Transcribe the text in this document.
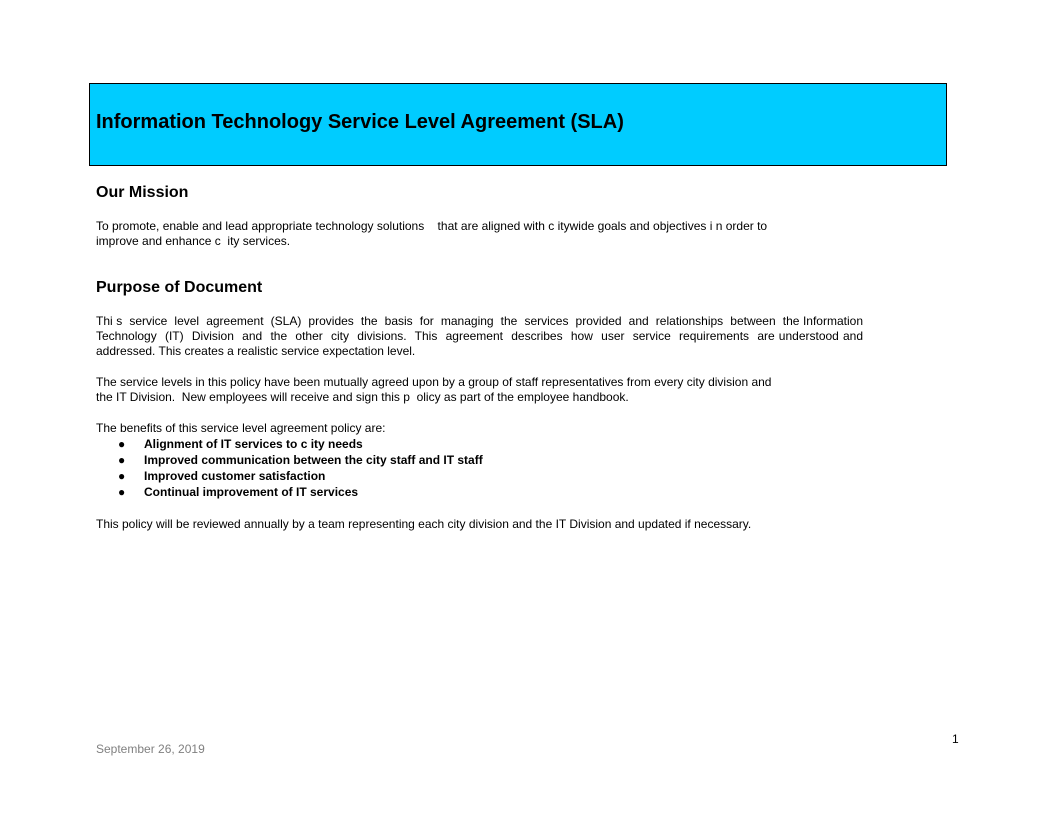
Information Technology Service Level Agreement (SLA)
Our Mission
To promote, enable and lead appropriate technology solutions    that are aligned with c itywide goals and objectives i n order to
improve and enhance c  ity services.
Purpose of Document
Thi s  service  level  agreement  (SLA)  provides  the  basis  for  managing  the  services  provided  and  relationships  between  the Information  Technology  (IT)  Division  and  the  other  city  divisions.  This  agreement  describes  how  user  service  requirements  are understood and  addressed. This creates a realistic service expectation level.
The service levels in this policy have been mutually agreed upon by a group of staff representatives from every city division and
the IT Division.  New employees will receive and sign this p  olicy as part of the employee handbook.
The benefits of this service level agreement policy are:
● Alignment of IT services to c ity needs
● Improved communication between the city staff and IT staff
● Improved customer satisfaction
● Continual improvement of IT services
This policy will be reviewed annually by a team representing each city division and the IT Division and updated if necessary.
September 26, 2019
1
